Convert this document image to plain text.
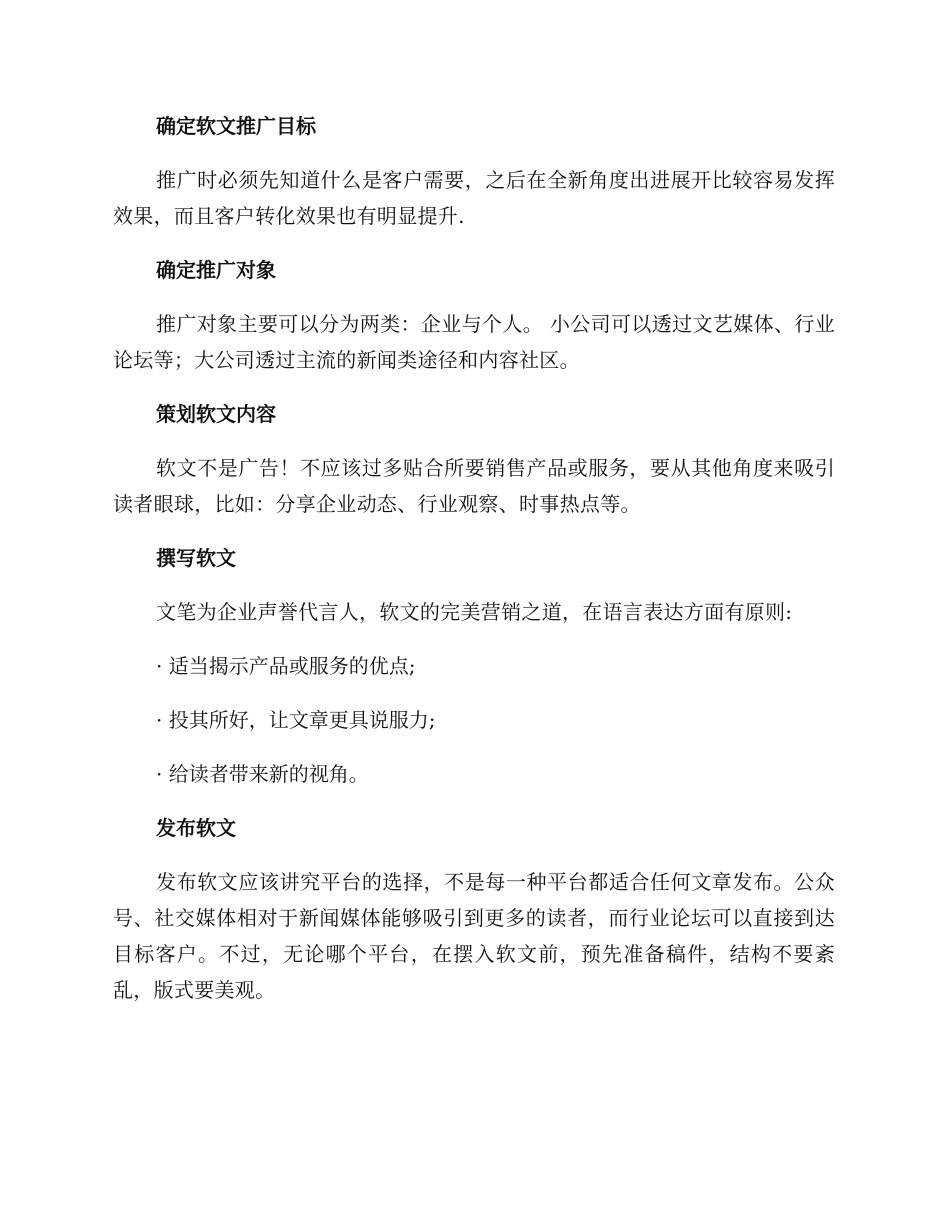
确定软文推广目标

推广时必须先知道什么是客户需要，之后在全新角度出进展开比较容易发挥效果，而且客户转化效果也有明显提升.

确定推广对象

推广对象主要可以分为两类：企业与个人。 小公司可以透过文艺媒体、行业论坛等；大公司透过主流的新闻类途径和内容社区。

策划软文内容

软文不是广告！不应该过多贴合所要销售产品或服务，要从其他角度来吸引读者眼球，比如：分享企业动态、行业观察、时事热点等。

撰写软文

文笔为企业声誉代言人，软文的完美营销之道，在语言表达方面有原则:

· 适当揭示产品或服务的优点;
· 投其所好，让文章更具说服力;
· 给读者带来新的视角。
发布软文

发布软文应该讲究平台的选择，不是每一种平台都适合任何文章发布。公众号、社交媒体相对于新闻媒体能够吸引到更多的读者，而行业论坛可以直接到达目标客户。不过，无论哪个平台，在摆入软文前，预先准备稿件，结构不要紊乱，版式要美观。
